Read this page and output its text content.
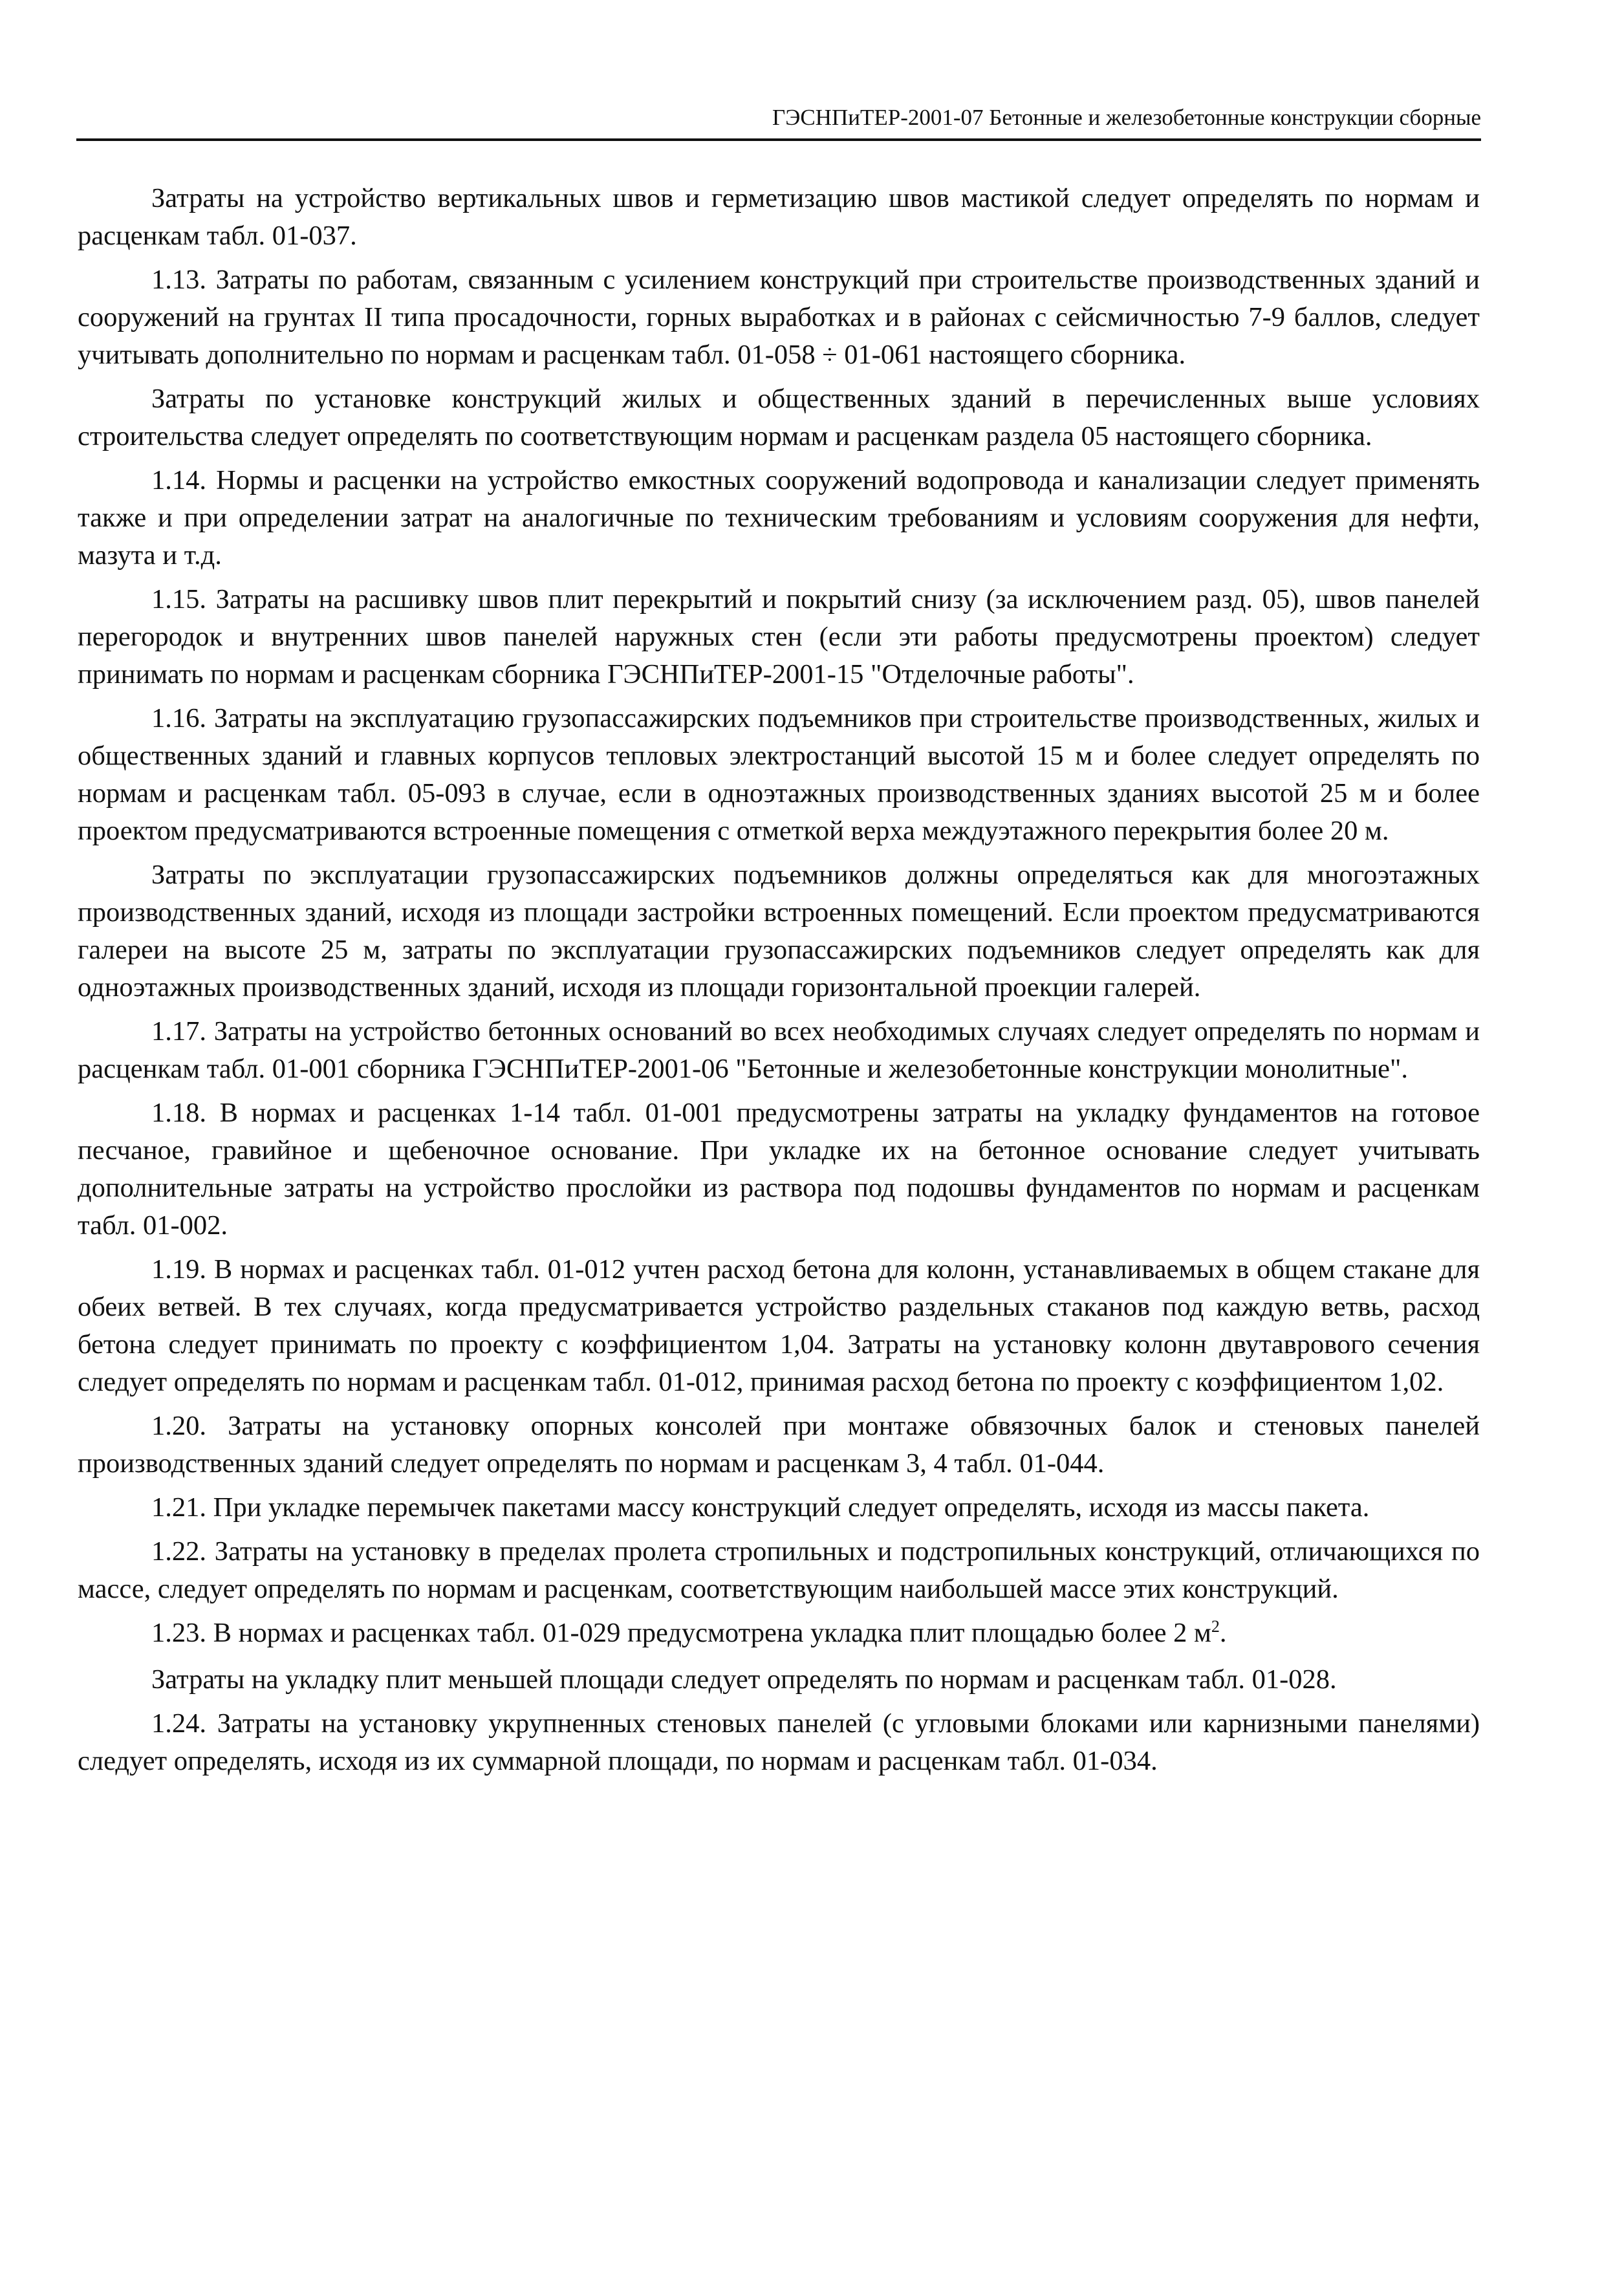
ГЭСНПиТЕР-2001-07 Бетонные и железобетонные конструкции сборные

Затраты на устройство вертикальных швов и герметизацию швов мастикой следует определять по нормам и расценкам табл. 01-037.

1.13. Затраты по работам, связанным с усилением конструкций при строительстве производственных зданий и сооружений на грунтах II типа просадочности, горных выработках и в районах с сейсмичностью 7-9 баллов, следует учитывать дополнительно по нормам и расценкам табл. 01-058 ÷ 01-061 настоящего сборника.

Затраты по установке конструкций жилых и общественных зданий в перечисленных выше условиях строительства следует определять по соответствующим нормам и расценкам раздела 05 настоящего сборника.

1.14. Нормы и расценки на устройство емкостных сооружений водопровода и канализации следует применять также и при определении затрат на аналогичные по техническим требованиям и условиям сооружения для нефти, мазута и т.д.

1.15. Затраты на расшивку швов плит перекрытий и покрытий снизу (за исключением разд. 05), швов панелей перегородок и внутренних швов панелей наружных стен (если эти работы предусмотрены проектом) следует принимать по нормам и расценкам сборника ГЭСНПиТЕР-2001-15 "Отделочные работы".

1.16. Затраты на эксплуатацию грузопассажирских подъемников при строительстве производственных, жилых и общественных зданий и главных корпусов тепловых электростанций высотой 15 м и более следует определять по нормам и расценкам табл. 05-093 в случае, если в одноэтажных производственных зданиях высотой 25 м и более проектом предусматриваются встроенные помещения с отметкой верха междуэтажного перекрытия более 20 м.

Затраты по эксплуатации грузопассажирских подъемников должны определяться как для многоэтажных производственных зданий, исходя из площади застройки встроенных помещений. Если проектом предусматриваются галереи на высоте 25 м, затраты по эксплуатации грузопассажирских подъемников следует определять как для одноэтажных производственных зданий, исходя из площади горизонтальной проекции галерей.

1.17. Затраты на устройство бетонных оснований во всех необходимых случаях следует определять по нормам и расценкам табл. 01-001 сборника ГЭСНПиТЕР-2001-06 "Бетонные и железобетонные конструкции монолитные".

1.18. В нормах и расценках 1-14 табл. 01-001 предусмотрены затраты на укладку фундаментов на готовое песчаное, гравийное и щебеночное основание. При укладке их на бетонное основание следует учитывать дополнительные затраты на устройство прослойки из раствора под подошвы фундаментов по нормам и расценкам табл. 01-002.

1.19. В нормах и расценках табл. 01-012 учтен расход бетона для колонн, устанавливаемых в общем стакане для обеих ветвей. В тех случаях, когда предусматривается устройство раздельных стаканов под каждую ветвь, расход бетона следует принимать по проекту с коэффициентом 1,04. Затраты на установку колонн двутаврового сечения следует определять по нормам и расценкам табл. 01-012, принимая расход бетона по проекту с коэффициентом 1,02.

1.20. Затраты на установку опорных консолей при монтаже обвязочных балок и стеновых панелей производственных зданий следует определять по нормам и расценкам 3, 4 табл. 01-044.

1.21. При укладке перемычек пакетами массу конструкций следует определять, исходя из массы пакета.

1.22. Затраты на установку в пределах пролета стропильных и подстропильных конструкций, отличающихся по массе, следует определять по нормам и расценкам, соответствующим наибольшей массе этих конструкций.

1.23. В нормах и расценках табл. 01-029 предусмотрена укладка плит площадью более 2 $м^2$.

Затраты на укладку плит меньшей площади следует определять по нормам и расценкам табл. 01-028.

1.24. Затраты на установку укрупненных стеновых панелей (с угловыми блоками или карнизными панелями) следует определять, исходя из их суммарной площади, по нормам и расценкам табл. 01-034.
